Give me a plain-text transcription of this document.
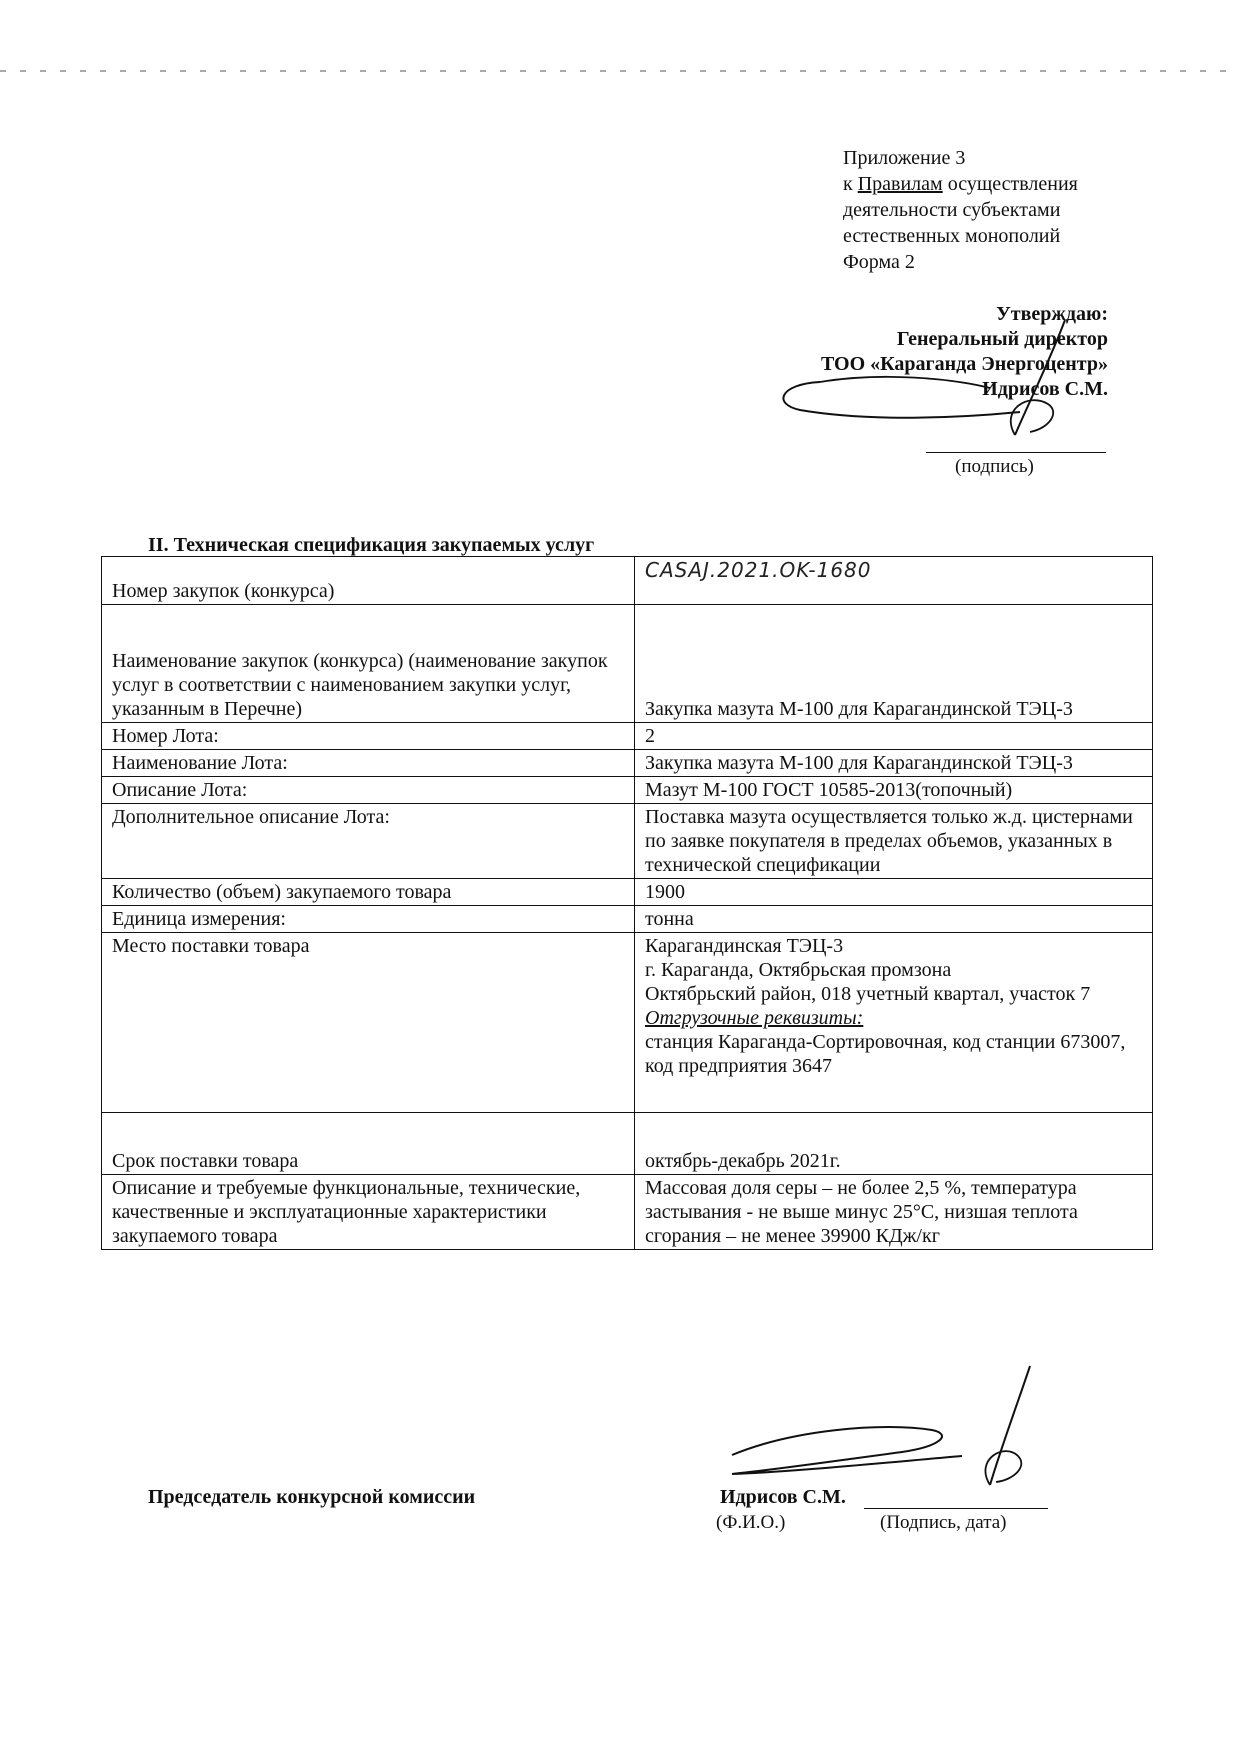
Приложение 3
к Правилам осуществления
деятельности субъектами
естественных монополий
Форма 2
Утверждаю:
Генеральный директор
ТОО «Караганда Энергоцентр»
Идрисов С.М.
(подпись)
II. Техническая спецификация закупаемых услуг
Номер закупок (конкурса)	CASAJ.2021.OK-1680
Наименование закупок (конкурса) (наименование закупок услуг в соответствии с наименованием закупки услуг, указанным в Перечне)	Закупка мазута М-100 для Карагандинской ТЭЦ-3
Номер Лота:	2
Наименование Лота:	Закупка мазута М-100 для Карагандинской ТЭЦ-3
Описание Лота:	Мазут М-100 ГОСТ 10585-2013(топочный)
Дополнительное описание Лота:	Поставка мазута осуществляется только ж.д. цистернами по заявке покупателя в пределах объемов, указанных в технической спецификации
Количество (объем) закупаемого товара	1900
Единица измерения:	тонна
Место поставки товара	Карагандинская ТЭЦ-3
г. Караганда, Октябрьская промзона
Октябрьский район, 018 учетный квартал, участок 7
Отгрузочные реквизиты:
станция Караганда-Сортировочная, код станции 673007, код предприятия 3647

Срок поставки товара	октябрь-декабрь 2021г.
Описание и требуемые функциональные, технические, качественные и эксплуатационные характеристики закупаемого товара	Массовая доля серы – не более 2,5 %, температура застывания - не выше минус 25°С, низшая теплота сгорания – не менее 39900 КДж/кг
Председатель конкурсной комиссии	Идрисов С.М.
(Ф.И.О.)	(Подпись, дата)
